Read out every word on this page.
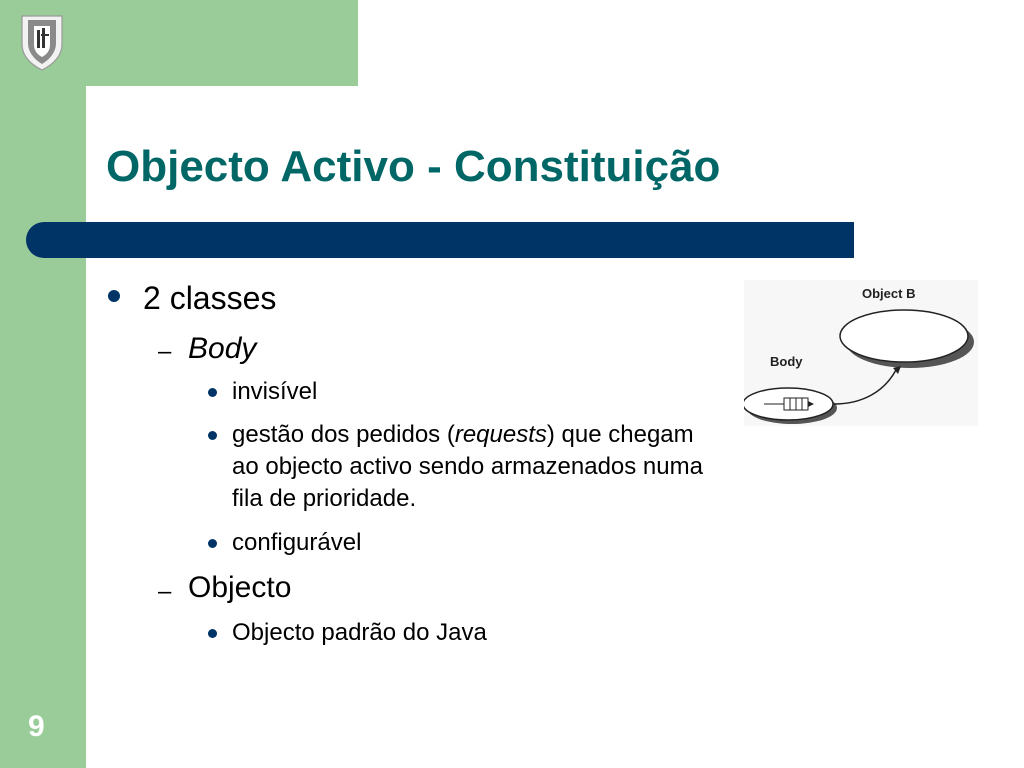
Objecto Activo - Constituição
2 classes
– Body
invisível
gestão dos pedidos (requests) que chegam ao objecto activo sendo armazenados numa fila de prioridade.
configurável
– Objecto
Objecto padrão do Java
Object B
Body
9
